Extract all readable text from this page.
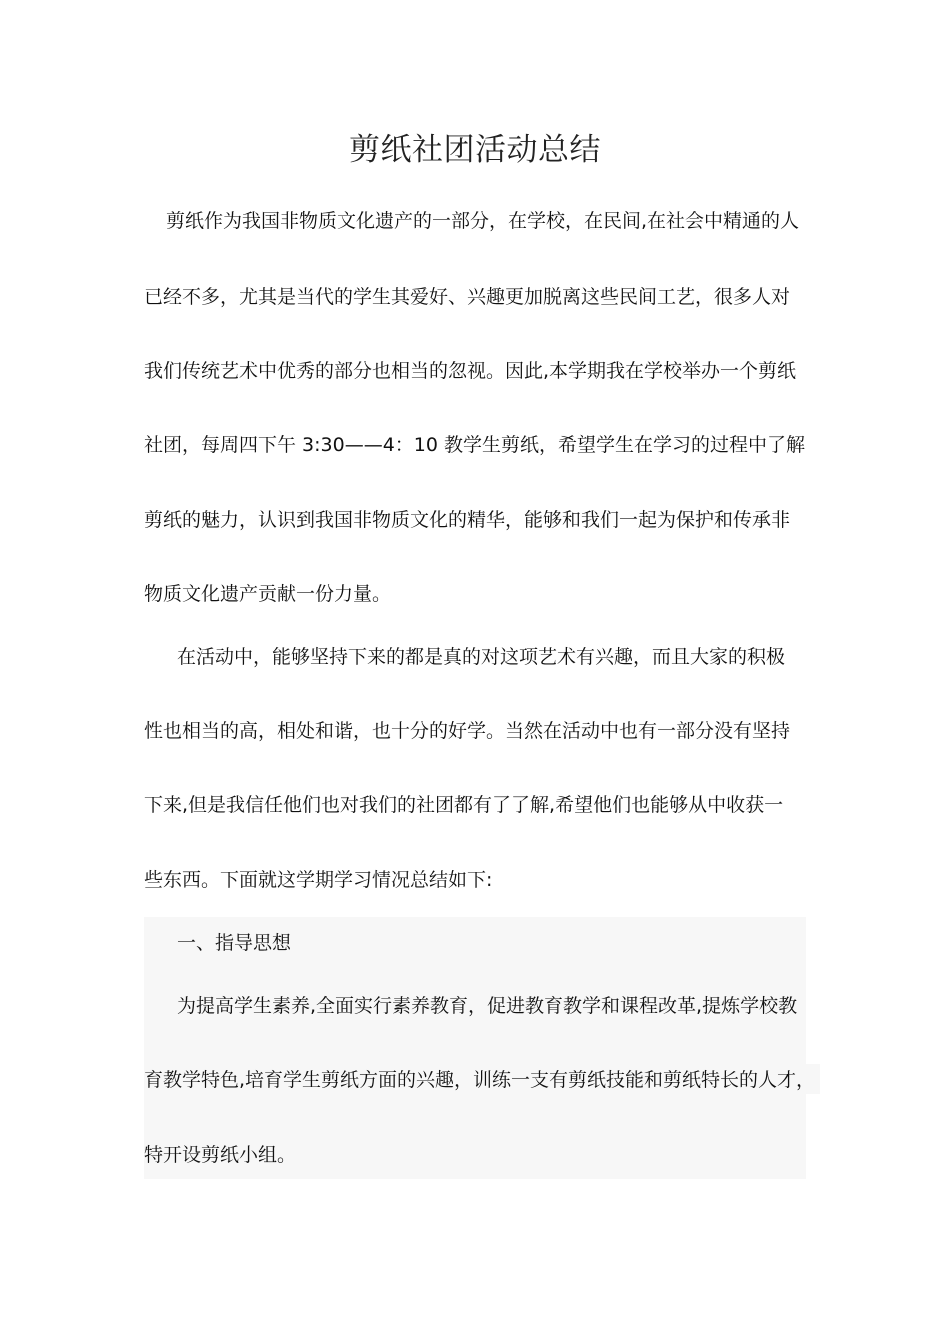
剪纸社团活动总结
剪纸作为我国非物质文化遗产的一部分，在学校，在民间,在社会中精通的人
已经不多，尤其是当代的学生其爱好、兴趣更加脱离这些民间工艺，很多人对
我们传统艺术中优秀的部分也相当的忽视。因此,本学期我在学校举办一个剪纸
社团，每周四下午 3:30——4：10 教学生剪纸，希望学生在学习的过程中了解
剪纸的魅力，认识到我国非物质文化的精华，能够和我们一起为保护和传承非
物质文化遗产贡献一份力量。
在活动中，能够坚持下来的都是真的对这项艺术有兴趣，而且大家的积极
性也相当的高，相处和谐，也十分的好学。当然在活动中也有一部分没有坚持
下来,但是我信任他们也对我们的社团都有了了解,希望他们也能够从中收获一
些东西。下面就这学期学习情况总结如下:
一、指导思想
为提高学生素养,全面实行素养教育，促进教育教学和课程改革,提炼学校教
育教学特色,培育学生剪纸方面的兴趣，训练一支有剪纸技能和剪纸特长的人才，
特开设剪纸小组。
